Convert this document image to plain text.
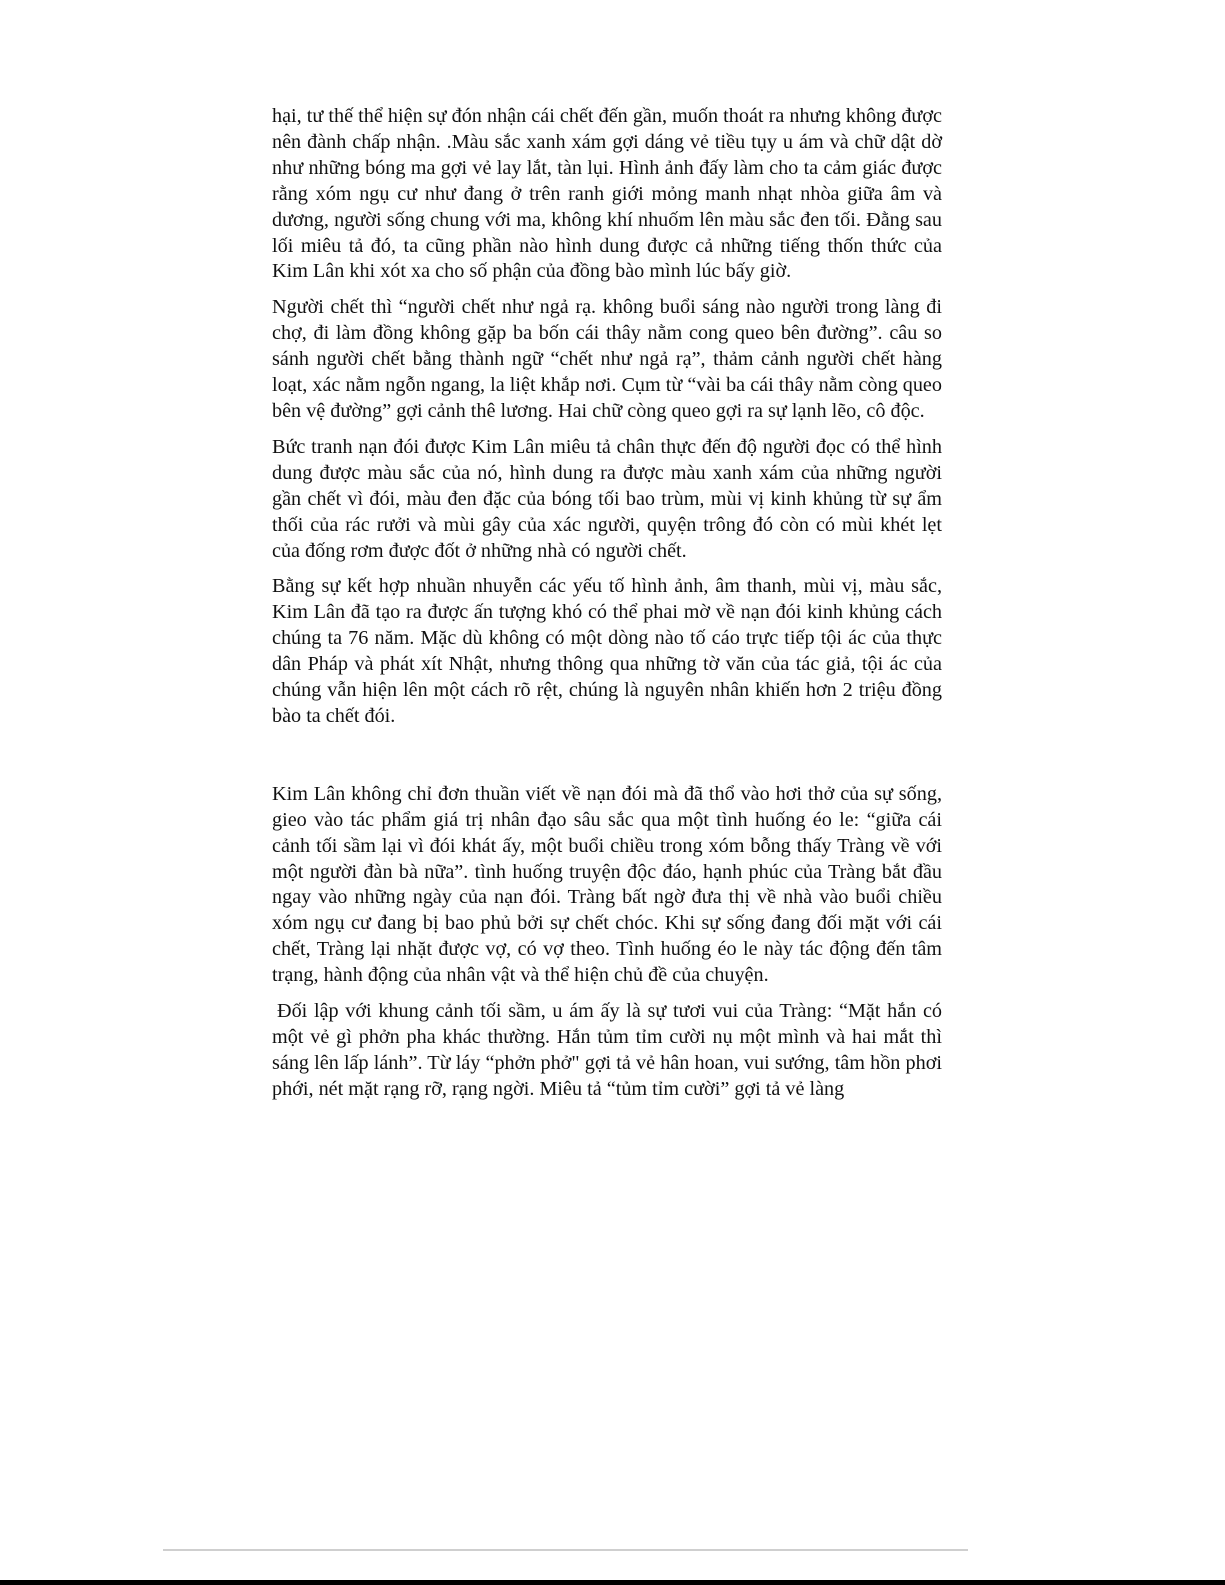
hại, tư thế thể hiện sự đón nhận cái chết đến gần, muốn thoát ra nhưng không được nên đành chấp nhận. .Màu sắc xanh xám gợi dáng vẻ tiều tụy u ám và chữ dật dờ như những bóng ma gợi vẻ lay lắt, tàn lụi. Hình ảnh đấy làm cho ta cảm giác được rằng xóm ngụ cư như đang ở trên ranh giới mỏng manh nhạt nhòa giữa âm và dương, người sống chung với ma, không khí nhuốm lên màu sắc đen tối. Đằng sau lối miêu tả đó, ta cũng phần nào hình dung được cả những tiếng thốn thức của Kim Lân khi xót xa cho số phận của đồng bào mình lúc bấy giờ.

Người chết thì “người chết như ngả rạ. không buổi sáng nào người trong làng đi chợ, đi làm đồng không gặp ba bốn cái thây nằm cong queo bên đường”. câu so sánh người chết bằng thành ngữ “chết như ngả rạ”, thảm cảnh người chết hàng loạt, xác nằm ngỗn ngang, la liệt khắp nơi. Cụm từ “vài ba cái thây nằm còng queo bên vệ đường” gợi cảnh thê lương. Hai chữ còng queo gợi ra sự lạnh lẽo, cô độc.

Bức tranh nạn đói được Kim Lân miêu tả chân thực đến độ người đọc có thể hình dung được màu sắc của nó, hình dung ra được màu xanh xám của những người gần chết vì đói, màu đen đặc của bóng tối bao trùm, mùi vị kinh khủng từ sự ẩm thối của rác rưởi và mùi gây của xác người, quyện trông đó còn có mùi khét lẹt của đống rơm được đốt ở những nhà có người chết.

Bằng sự kết hợp nhuần nhuyễn các yếu tố hình ảnh, âm thanh, mùi vị, màu sắc, Kim Lân đã tạo ra được ấn tượng khó có thể phai mờ về nạn đói kinh khủng cách chúng ta 76 năm. Mặc dù không có một dòng nào tố cáo trực tiếp tội ác của thực dân Pháp và phát xít Nhật, nhưng thông qua những tờ văn của tác giả, tội ác của chúng vẫn hiện lên một cách rõ rệt, chúng là nguyên nhân khiến hơn 2 triệu đồng bào ta chết đói.

Kim Lân không chỉ đơn thuần viết về nạn đói mà đã thổ vào hơi thở của sự sống, gieo vào tác phẩm giá trị nhân đạo sâu sắc qua một tình huống éo le: “giữa cái cảnh tối sầm lại vì đói khát ấy, một buổi chiều trong xóm bỗng thấy Tràng về với một người đàn bà nữa”. tình huống truyện độc đáo, hạnh phúc của Tràng bắt đầu ngay vào những ngày của nạn đói. Tràng bất ngờ đưa thị về nhà vào buổi chiều xóm ngụ cư đang bị bao phủ bởi sự chết chóc. Khi sự sống đang đối mặt với cái chết, Tràng lại nhặt được vợ, có vợ theo. Tình huống éo le này tác động đến tâm trạng, hành động của nhân vật và thể hiện chủ đề của chuyện.

Đối lập với khung cảnh tối sầm, u ám ấy là sự tươi vui của Tràng: “Mặt hắn có một vẻ gì phởn pha khác thường. Hắn tủm tỉm cười nụ một mình và hai mắt thì sáng lên lấp lánh”. Từ láy “phởn phở" gợi tả vẻ hân hoan, vui sướng, tâm hồn phơi phới, nét mặt rạng rỡ, rạng ngời. Miêu tả “tủm tỉm cười” gợi tả vẻ làng
